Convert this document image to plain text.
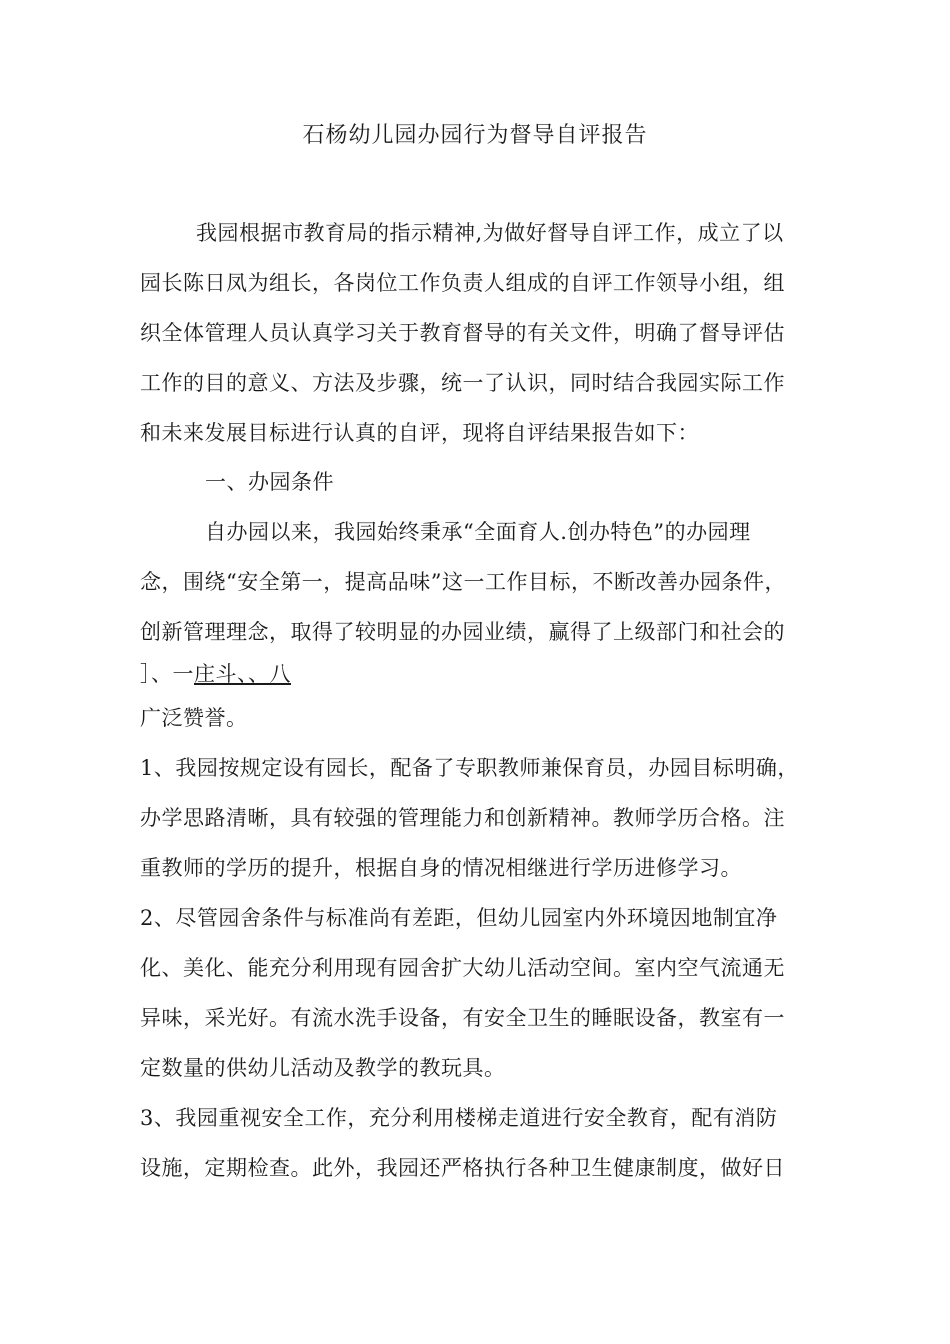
石杨幼儿园办园行为督导自评报告
我园根据市教育局的指示精神,为做好督导自评工作，成立了以
园长陈日凤为组长，各岗位工作负责人组成的自评工作领导小组，组
织全体管理人员认真学习关于教育督导的有关文件，明确了督导评估
工作的目的意义、方法及步骤，统一了认识，同时结合我园实际工作
和未来发展目标进行认真的自评，现将自评结果报告如下：
一、办园条件
自办园以来，我园始终秉承“全面育人.创办特色”的办园理
念，围绕“安全第一，提高品味”这一工作目标，不断改善办园条件，
创新管理理念，取得了较明显的办园业绩，赢得了上级部门和社会的
］、一庄斗、、八
广泛赞誉。
1、我园按规定设有园长，配备了专职教师兼保育员，办园目标明确，
办学思路清晰，具有较强的管理能力和创新精神。教师学历合格。注
重教师的学历的提升，根据自身的情况相继进行学历进修学习。
2、尽管园舍条件与标准尚有差距，但幼儿园室内外环境因地制宜净
化、美化、能充分利用现有园舍扩大幼儿活动空间。室内空气流通无
异味，采光好。有流水洗手设备，有安全卫生的睡眠设备，教室有一
定数量的供幼儿活动及教学的教玩具。
3、我园重视安全工作，充分利用楼梯走道进行安全教育，配有消防
设施，定期检查。此外，我园还严格执行各种卫生健康制度，做好日
